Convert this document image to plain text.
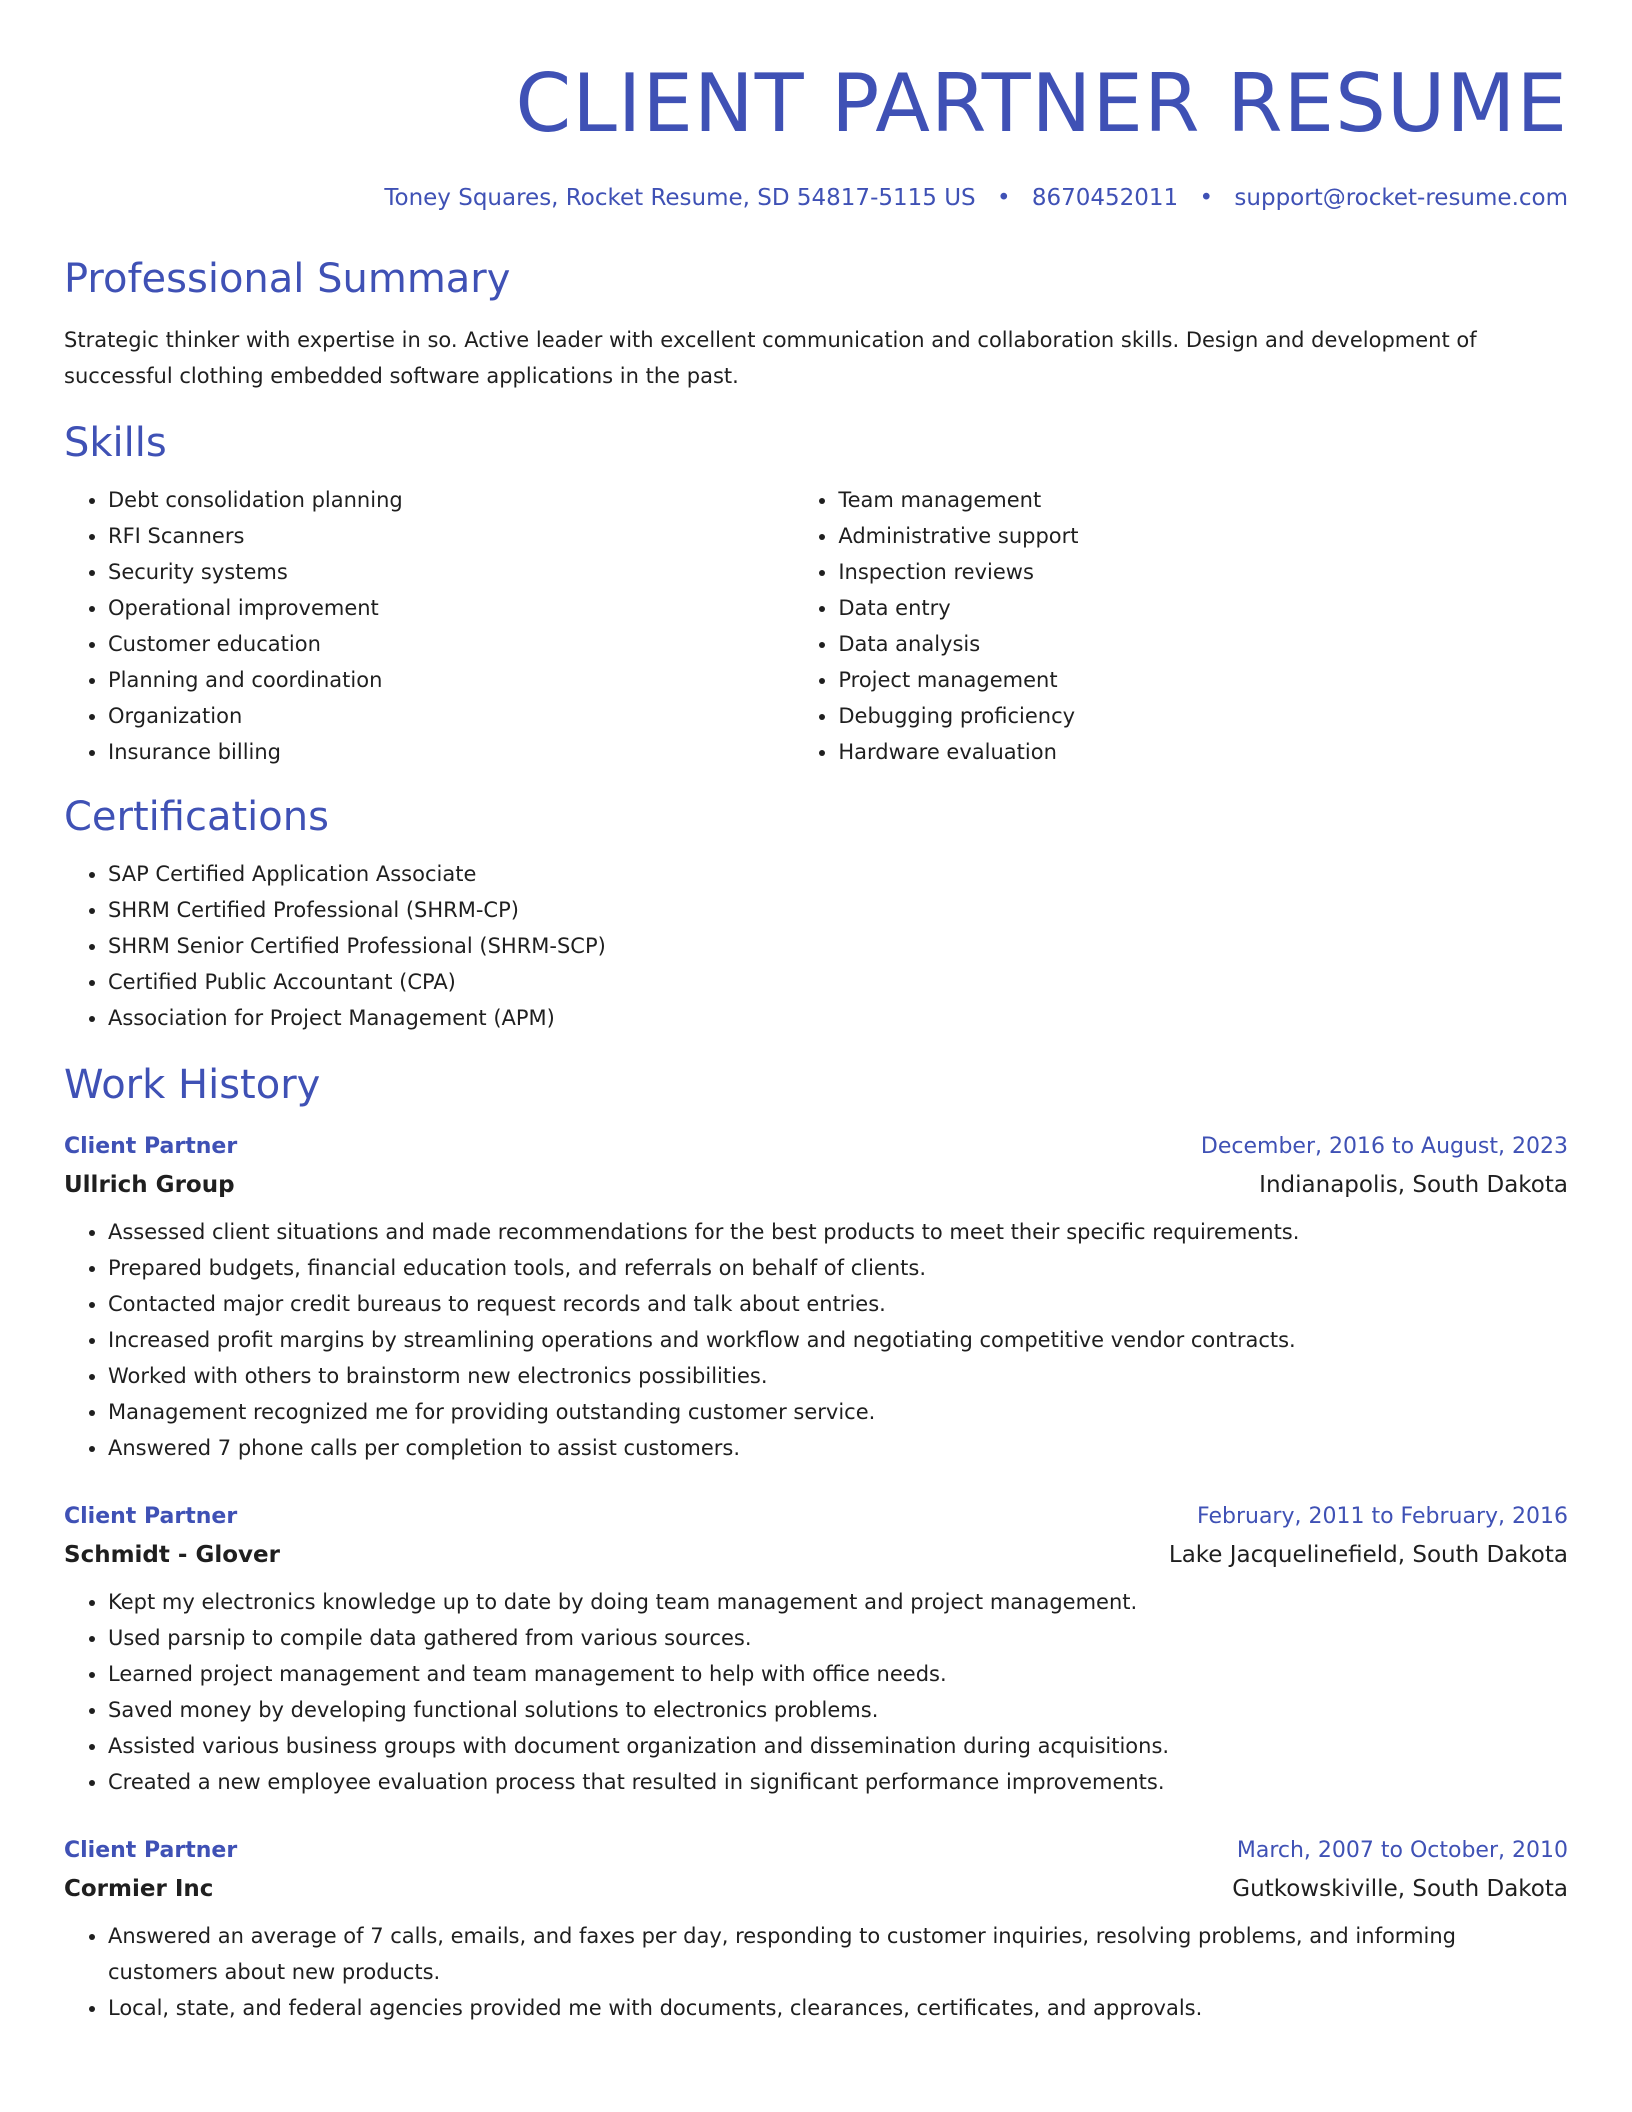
CLIENT PARTNER RESUME
Toney Squares, Rocket Resume, SD 54817-5115 US • 8670452011 • support@rocket-resume.com
Professional Summary

Strategic thinker with expertise in so. Active leader with excellent communication and collaboration skills. Design and development of successful clothing embedded software applications in the past.

Skills
• Debt consolidation planning
• RFI Scanners
• Security systems
• Operational improvement
• Customer education
• Planning and coordination
• Organization
• Insurance billing
• Team management
• Administrative support
• Inspection reviews
• Data entry
• Data analysis
• Project management
• Debugging proficiency
• Hardware evaluation
Certifications
• SAP Certified Application Associate
• SHRM Certified Professional (SHRM-CP)
• SHRM Senior Certified Professional (SHRM-SCP)
• Certified Public Accountant (CPA)
• Association for Project Management (APM)
Work History
Client Partner	December, 2016 to August, 2023
Ullrich Group	Indianapolis, South Dakota
• Assessed client situations and made recommendations for the best products to meet their specific requirements.
• Prepared budgets, financial education tools, and referrals on behalf of clients.
• Contacted major credit bureaus to request records and talk about entries.
• Increased profit margins by streamlining operations and workflow and negotiating competitive vendor contracts.
• Worked with others to brainstorm new electronics possibilities.
• Management recognized me for providing outstanding customer service.
• Answered 7 phone calls per completion to assist customers.
Client Partner	February, 2011 to February, 2016
Schmidt - Glover	Lake Jacquelinefield, South Dakota
• Kept my electronics knowledge up to date by doing team management and project management.
• Used parsnip to compile data gathered from various sources.
• Learned project management and team management to help with office needs.
• Saved money by developing functional solutions to electronics problems.
• Assisted various business groups with document organization and dissemination during acquisitions.
• Created a new employee evaluation process that resulted in significant performance improvements.
Client Partner	March, 2007 to October, 2010
Cormier Inc	Gutkowskiville, South Dakota
• Answered an average of 7 calls, emails, and faxes per day, responding to customer inquiries, resolving problems, and informing customers about new products.
• Local, state, and federal agencies provided me with documents, clearances, certificates, and approvals.
